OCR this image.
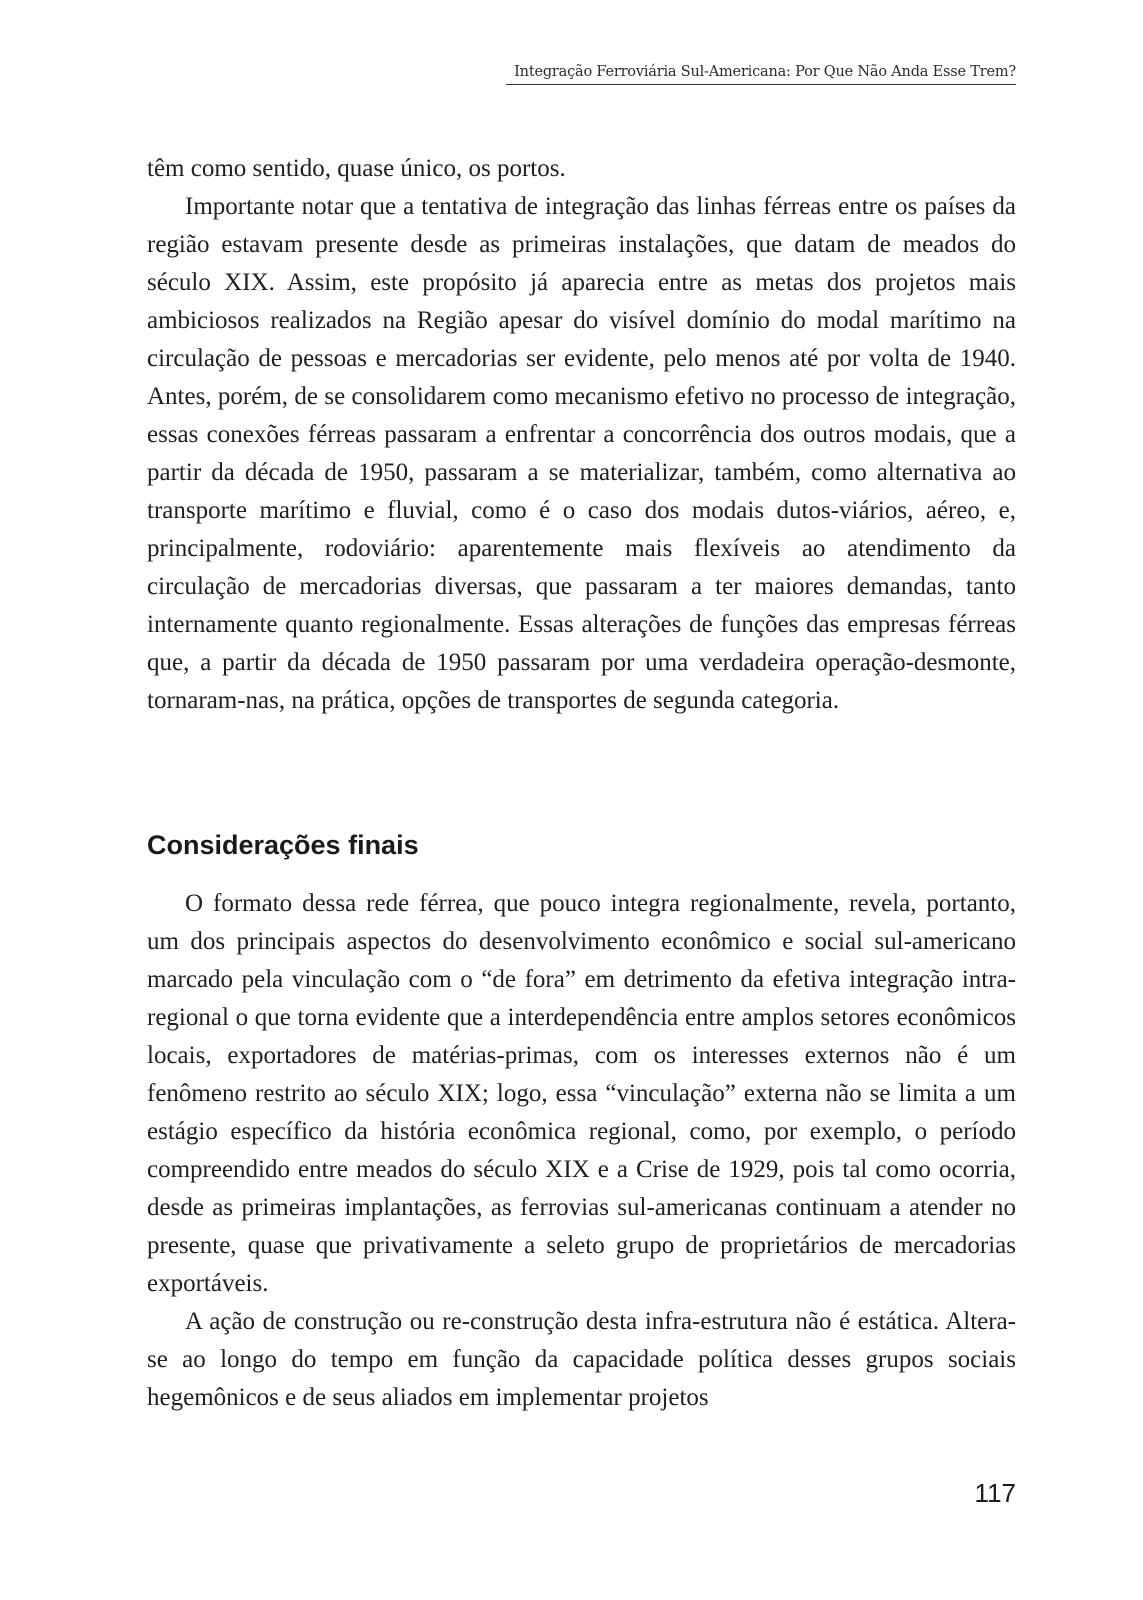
Integração Ferroviária Sul-Americana: Por Que Não Anda Esse Trem?

têm como sentido, quase único, os portos.

Importante notar que a tentativa de integração das linhas férreas entre os países da região estavam presente desde as primeiras instalações, que datam de meados do século XIX. Assim, este propósito já aparecia entre as metas dos projetos mais ambiciosos realizados na Região apesar do visível domínio do modal marítimo na circulação de pessoas e mercadorias ser evidente, pelo menos até por volta de 1940. Antes, porém, de se consolidarem como mecanismo efetivo no processo de integração, essas conexões férreas passaram a enfrentar a concorrência dos outros modais, que a partir da década de 1950, passaram a se materializar, também, como alternativa ao transporte marítimo e fluvial, como é o caso dos modais dutos-viários, aéreo, e, principalmente, rodoviário: aparentemente mais flexíveis ao atendimento da circulação de mercadorias diversas, que passaram a ter maiores demandas, tanto internamente quanto regionalmente. Essas alterações de funções das empresas férreas que, a partir da década de 1950 passaram por uma verdadeira operação-desmonte, tornaram-nas, na prática, opções de transportes de segunda categoria.

Considerações finais

O formato dessa rede férrea, que pouco integra regionalmente, revela, portanto, um dos principais aspectos do desenvolvimento econômico e social sul-americano marcado pela vinculação com o “de fora” em detrimento da efetiva integração intra-regional o que torna evidente que a interdependência entre amplos setores econômicos locais, exportadores de matérias-primas, com os interesses externos não é um fenômeno restrito ao século XIX; logo, essa “vinculação” externa não se limita a um estágio específico da história econômica regional, como, por exemplo, o período compreendido entre meados do século XIX e a Crise de 1929, pois tal como ocorria, desde as primeiras implantações, as ferrovias sul-americanas continuam a atender no presente, quase que privativamente a seleto grupo de proprietários de mercadorias exportáveis.

A ação de construção ou re-construção desta infra-estrutura não é estática. Altera-se ao longo do tempo em função da capacidade política desses grupos sociais hegemônicos e de seus aliados em implementar projetos

117
